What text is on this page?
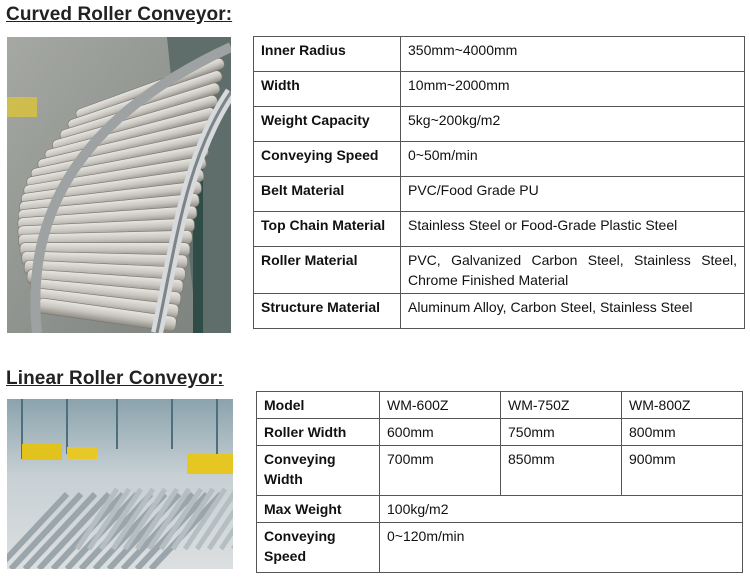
Curved Roller Conveyor:
Inner Radius	350mm~4000mm
Width	10mm~2000mm
Weight Capacity	5kg~200kg/m2
Conveying Speed	0~50m/min
Belt Material	PVC/Food Grade PU
Top Chain Material	Stainless Steel or Food-Grade Plastic Steel
Roller Material	PVC, Galvanized Carbon Steel, Stainless Steel, Chrome Finished Material
Structure Material	Aluminum Alloy, Carbon Steel, Stainless Steel
Linear Roller Conveyor:
Model	WM-600Z	WM-750Z	WM-800Z
Roller Width	600mm	750mm	800mm
Conveying Width	700mm	850mm	900mm
Max Weight	100kg/m2		
Conveying Speed	0~120m/min		
